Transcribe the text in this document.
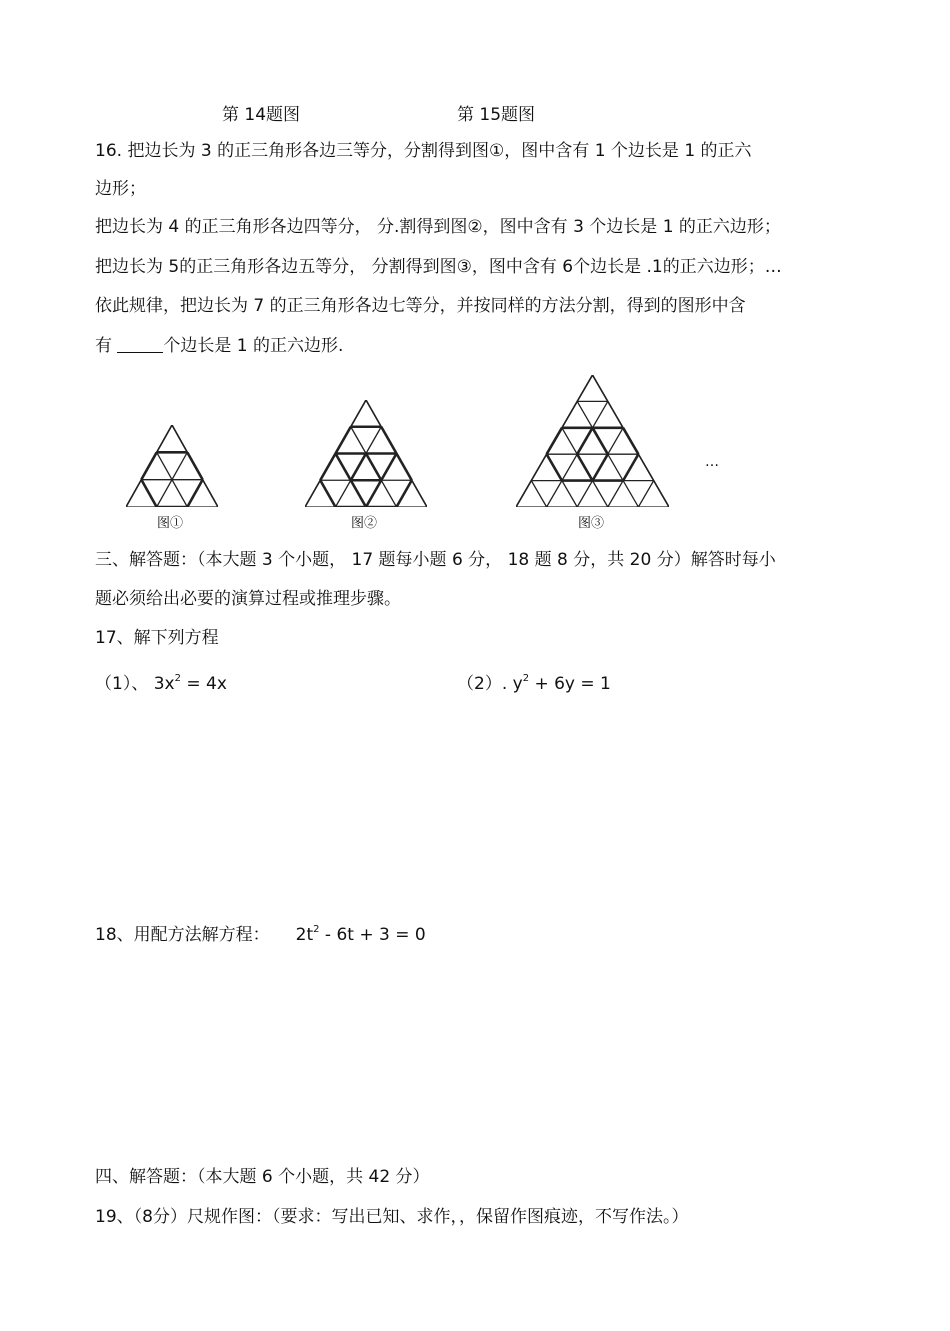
第 14题图	第 15题图
16. 把边长为 3 的正三角形各边三等分，分割得到图①，图中含有 1 个边长是 1 的正六
边形；
把边长为 4 的正三角形各边四等分， 分.割得到图②，图中含有 3 个边长是 1 的正六边形；
把边长为 5的正三角形各边五等分， 分割得到图③，图中含有 6个边长是 .1的正六边形；…
依此规律，把边长为 7 的正三角形各边七等分，并按同样的方法分割，得到的图形中含
有	个边长是 1 的正六边形.
图①	图②	图③
…
三、解答题：（本大题 3 个小题， 17 题每小题 6 分， 18 题 8 分，共 20 分）解答时每小
题必须给出必要的演算过程或推理步骤。
17、解下列方程
（1）、 $3x^2 = 4x$	（2）. $y^2 + 6y = 1$
18、用配方法解方程： $2t^2 - 6t + 3 = 0$
四、解答题：（本大题 6 个小题，共 42 分）
19、（8分）尺规作图：（要求：写出已知、求作，，保留作图痕迹，不写作法。）
